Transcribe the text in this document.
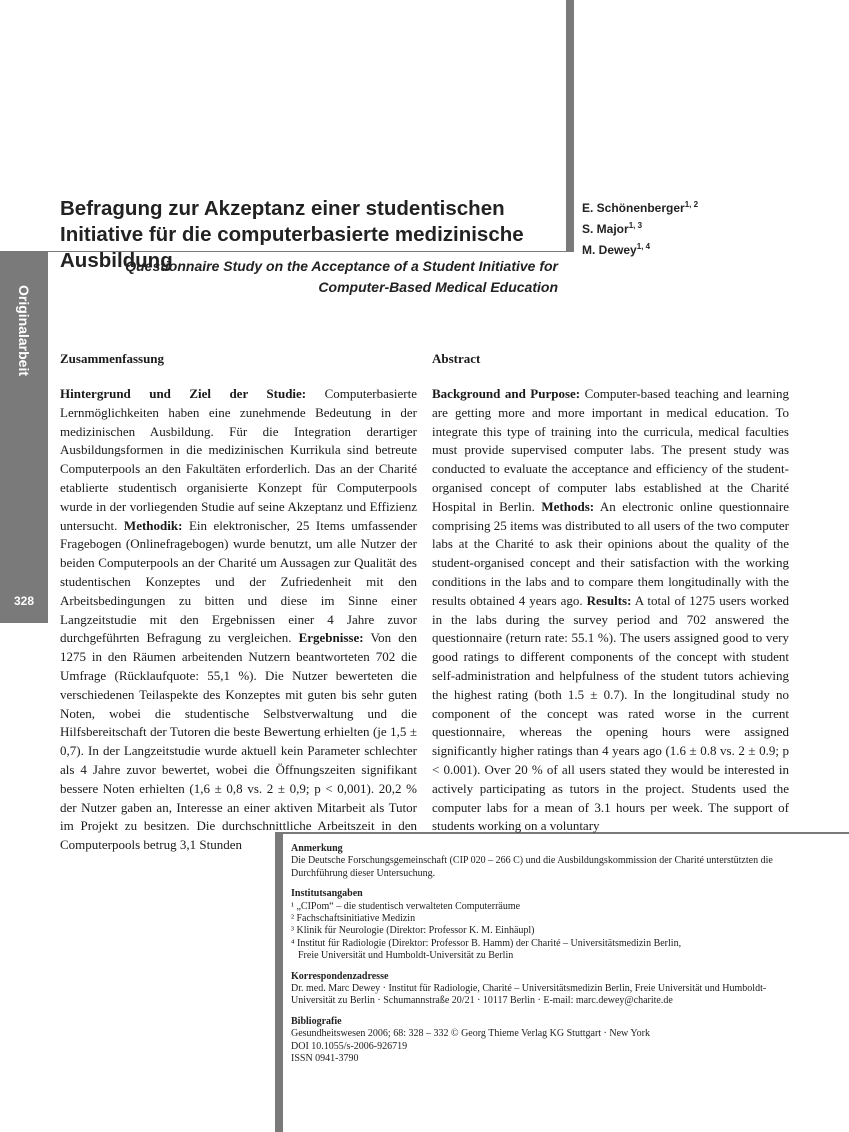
Originalarbeit
328
Befragung zur Akzeptanz einer studentischen Initiative für die computerbasierte medizinische Ausbildung
E. Schönenberger$^{1, 2}$
S. Major$^{1, 3}$
M. Dewey$^{1, 4}$
Questionnaire Study on the Acceptance of a Student Initiative for Computer-Based Medical Education
Zusammenfassung	Abstract
Hintergrund und Ziel der Studie: Computerbasierte Lernmöglichkeiten haben eine zunehmende Bedeutung in der medizinischen Ausbildung. Für die Integration derartiger Ausbildungsformen in die medizinischen Kurrikula sind betreute Computerpools an den Fakultäten erforderlich. Das an der Charité etablierte studentisch organisierte Konzept für Computerpools wurde in der vorliegenden Studie auf seine Akzeptanz und Effizienz untersucht. Methodik: Ein elektronischer, 25 Items umfassender Fragebogen (Onlinefragebogen) wurde benutzt, um alle Nutzer der beiden Computerpools an der Charité um Aussagen zur Qualität des studentischen Konzeptes und der Zufriedenheit mit den Arbeitsbedingungen zu bitten und diese im Sinne einer Langzeitstudie mit den Ergebnissen einer 4 Jahre zuvor durchgeführten Befragung zu vergleichen. Ergebnisse: Von den 1275 in den Räumen arbeitenden Nutzern beantworteten 702 die Umfrage (Rücklaufquote: 55,1 %). Die Nutzer bewerteten die verschiedenen Teilaspekte des Konzeptes mit guten bis sehr guten Noten, wobei die studentische Selbstverwaltung und die Hilfsbereitschaft der Tutoren die beste Bewertung erhielten (je 1,5 ± 0,7). In der Langzeitstudie wurde aktuell kein Parameter schlechter als 4 Jahre zuvor bewertet, wobei die Öffnungszeiten signifikant bessere Noten erhielten (1,6 ± 0,8 vs. 2 ± 0,9; p < 0,001). 20,2 % der Nutzer gaben an, Interesse an einer aktiven Mitarbeit als Tutor im Projekt zu besitzen. Die durchschnittliche Arbeitszeit in den Computerpools betrug 3,1 Stunden
Background and Purpose: Computer-based teaching and learning are getting more and more important in medical education. To integrate this type of training into the curricula, medical faculties must provide supervised computer labs. The present study was conducted to evaluate the acceptance and efficiency of the student-organised concept of computer labs established at the Charité Hospital in Berlin. Methods: An electronic online questionnaire comprising 25 items was distributed to all users of the two computer labs at the Charité to ask their opinions about the quality of the student-organised concept and their satisfaction with the working conditions in the labs and to compare them longitudinally with the results obtained 4 years ago. Results: A total of 1275 users worked in the labs during the survey period and 702 answered the questionnaire (return rate: 55.1 %). The users assigned good to very good ratings to different components of the concept with student self-administration and helpfulness of the student tutors achieving the highest rating (both 1.5 ± 0.7). In the longitudinal study no component of the concept was rated worse in the current questionnaire, whereas the opening hours were assigned significantly higher ratings than 4 years ago (1.6 ± 0.8 vs. 2 ± 0.9; p < 0.001). Over 20 % of all users stated they would be interested in actively participating as tutors in the project. Students used the computer labs for a mean of 3.1 hours per week. The support of students working on a voluntary

Anmerkung

Die Deutsche Forschungsgemeinschaft (CIP 020 – 266 C) und die Ausbildungskommission der Charité unterstützten die Durchführung dieser Untersuchung.

Institutsangaben

¹ „CIPom“ – die studentisch verwalteten Computerräume

² Fachschaftsinitiative Medizin

³ Klinik für Neurologie (Direktor: Professor K. M. Einhäupl)

⁴ Institut für Radiologie (Direktor: Professor B. Hamm) der Charité – Universitätsmedizin Berlin,

Freie Universität und Humboldt-Universität zu Berlin

Korrespondenzadresse

Dr. med. Marc Dewey · Institut für Radiologie, Charité – Universitätsmedizin Berlin, Freie Universität und Humboldt-Universität zu Berlin · Schumannstraße 20/21 · 10117 Berlin · E-mail: marc.dewey@charite.de

Bibliografie

Gesundheitswesen 2006; 68: 328 – 332 © Georg Thieme Verlag KG Stuttgart · New York

DOI 10.1055/s-2006-926719

ISSN 0941-3790
